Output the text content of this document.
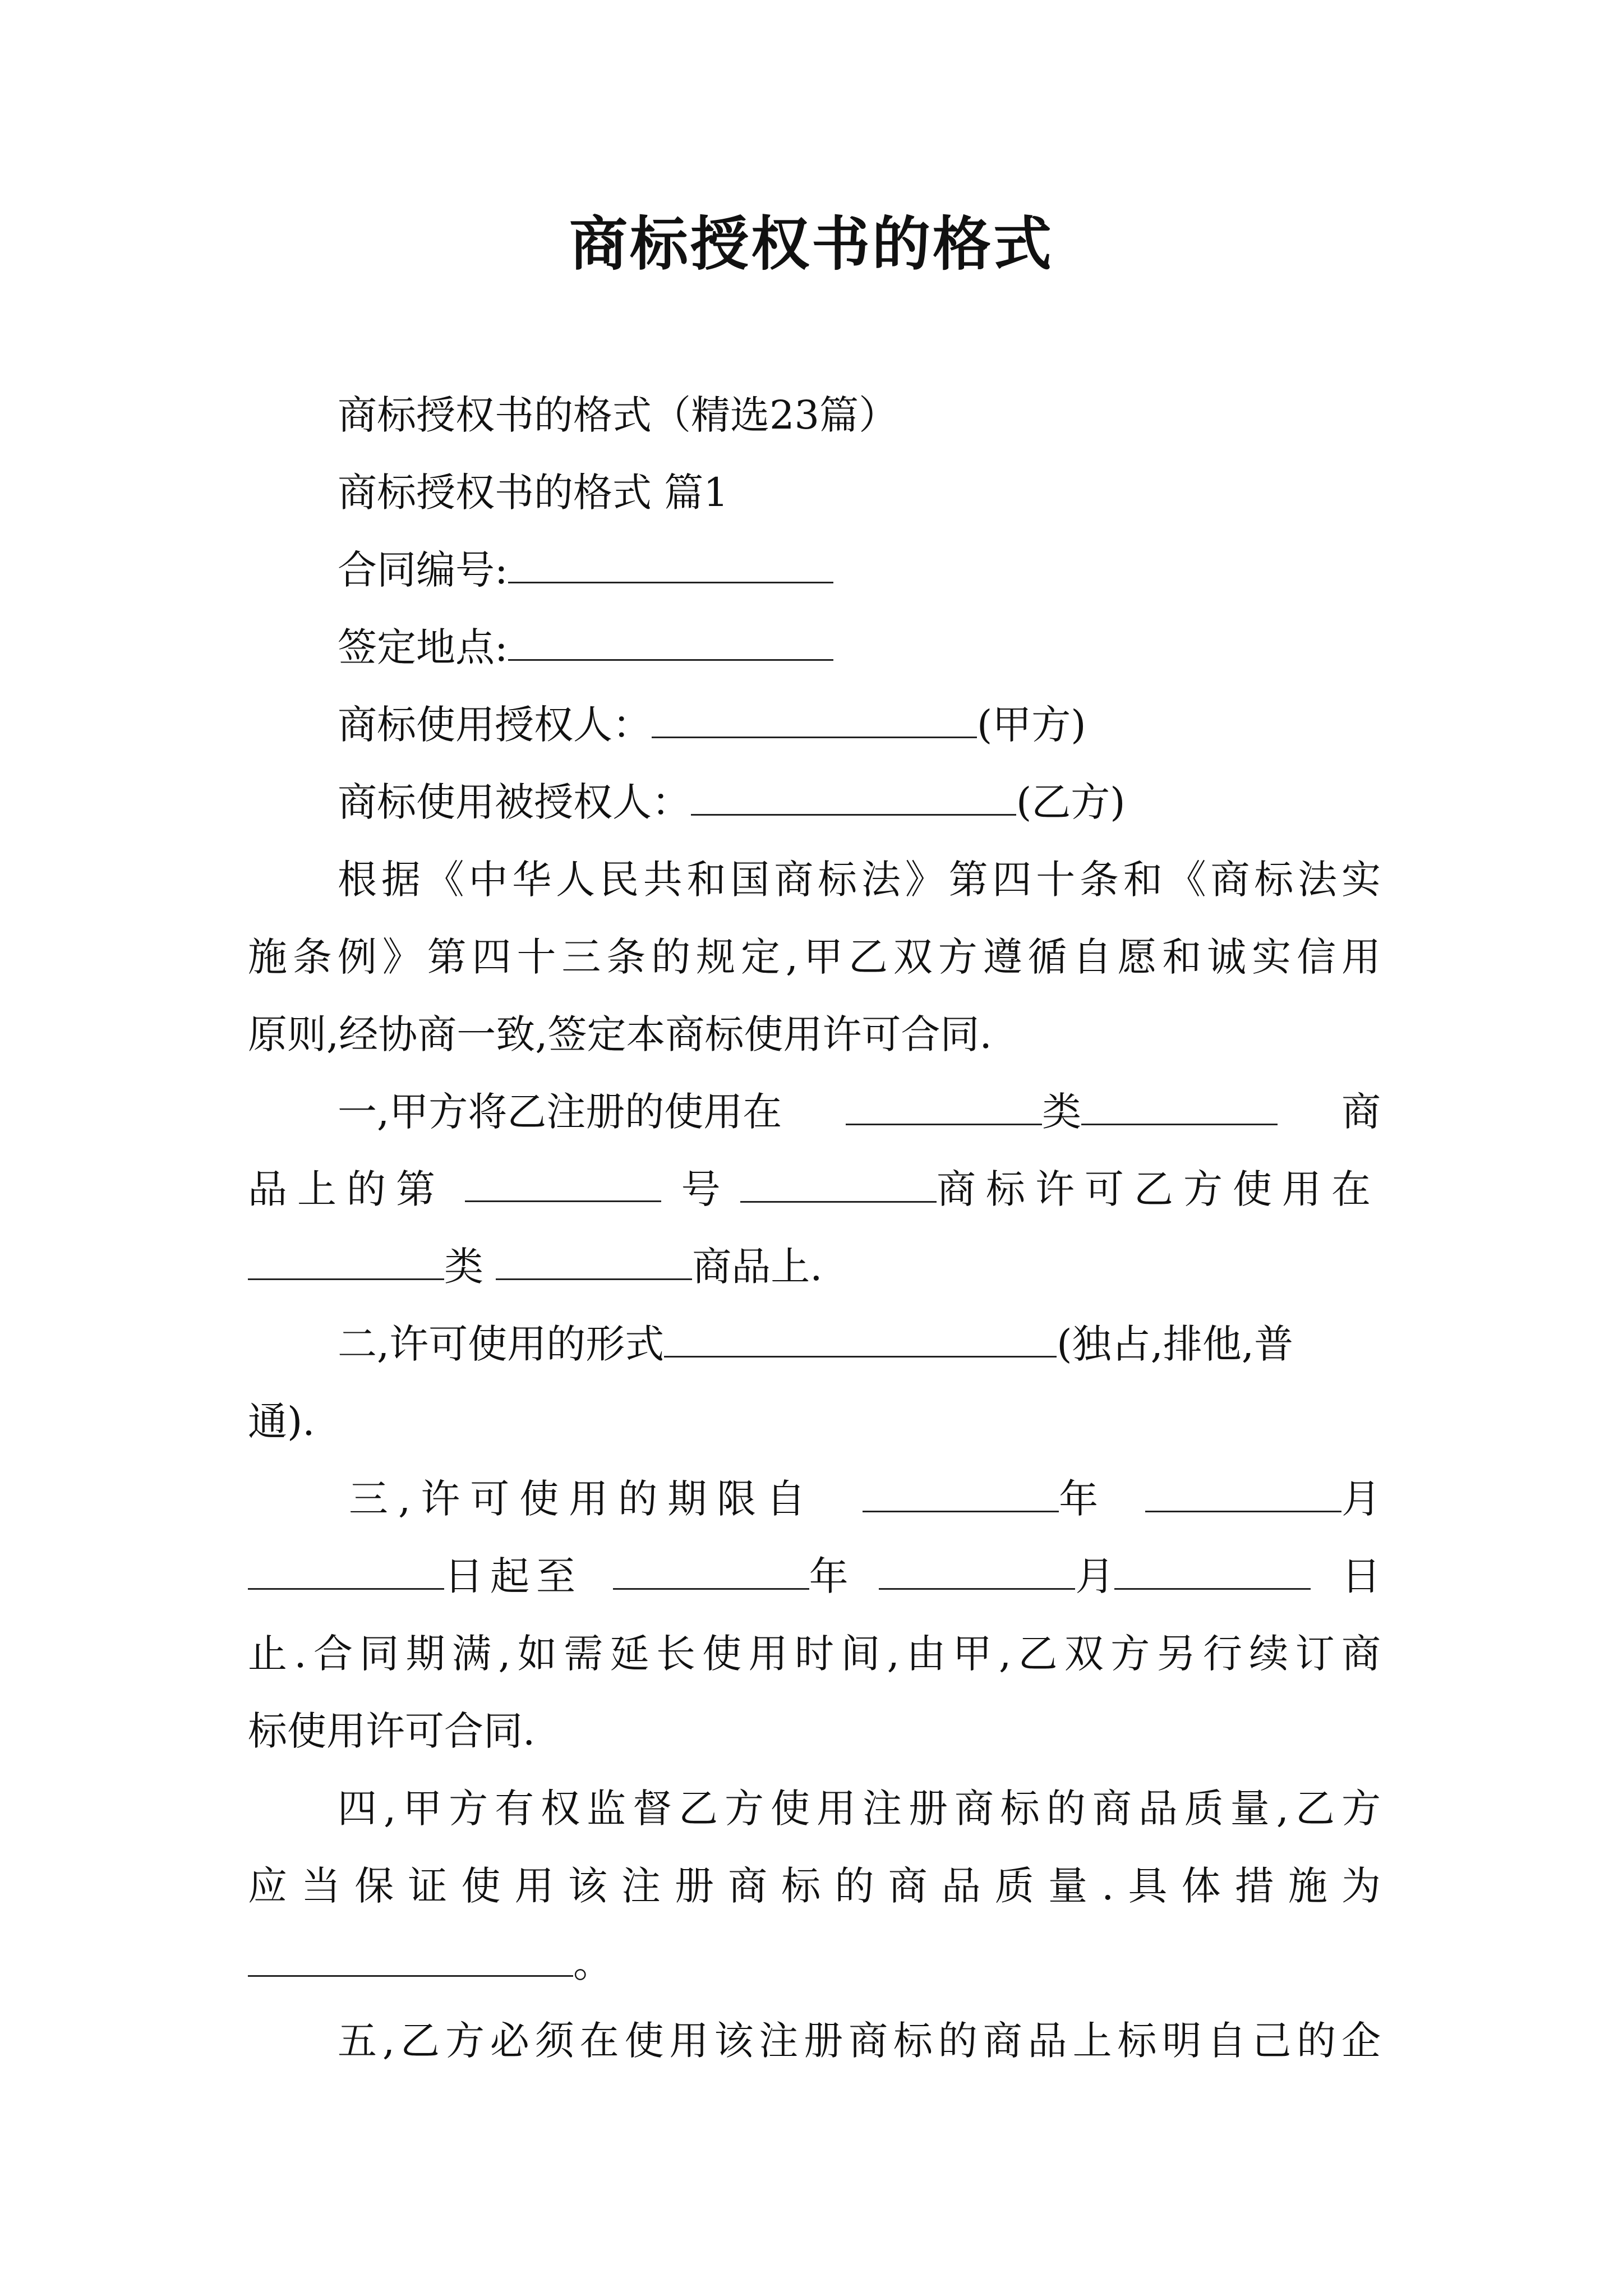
商标授权书的格式
商标授权书的格式（精选23篇）
商标授权书的格式 篇1
合同编号:
签定地点:
商标使用授权人：	(甲方)
商标使用被授权人：	(乙方)
根据《中华人民共和国商标法》第四十条和《商标法实
施条例》第四十三条的规定,甲乙双方遵循自愿和诚实信用
原则,经协商一致,签定本商标使用许可合同.
一,甲方将乙注册的使用在	类	商
品上的第	号	商标许可乙方使用在
类	商品上.
二,许可使用的形式	(独占,排他,普
通).
三,许可使用的期限自	年	月
日起至	年	月	日
止.合同期满,如需延长使用时间,由甲,乙双方另行续订商
标使用许可合同.
四,甲方有权监督乙方使用注册商标的商品质量,乙方
应当保证使用该注册商标的商品质量.具体措施为
。
五,乙方必须在使用该注册商标的商品上标明自己的企
